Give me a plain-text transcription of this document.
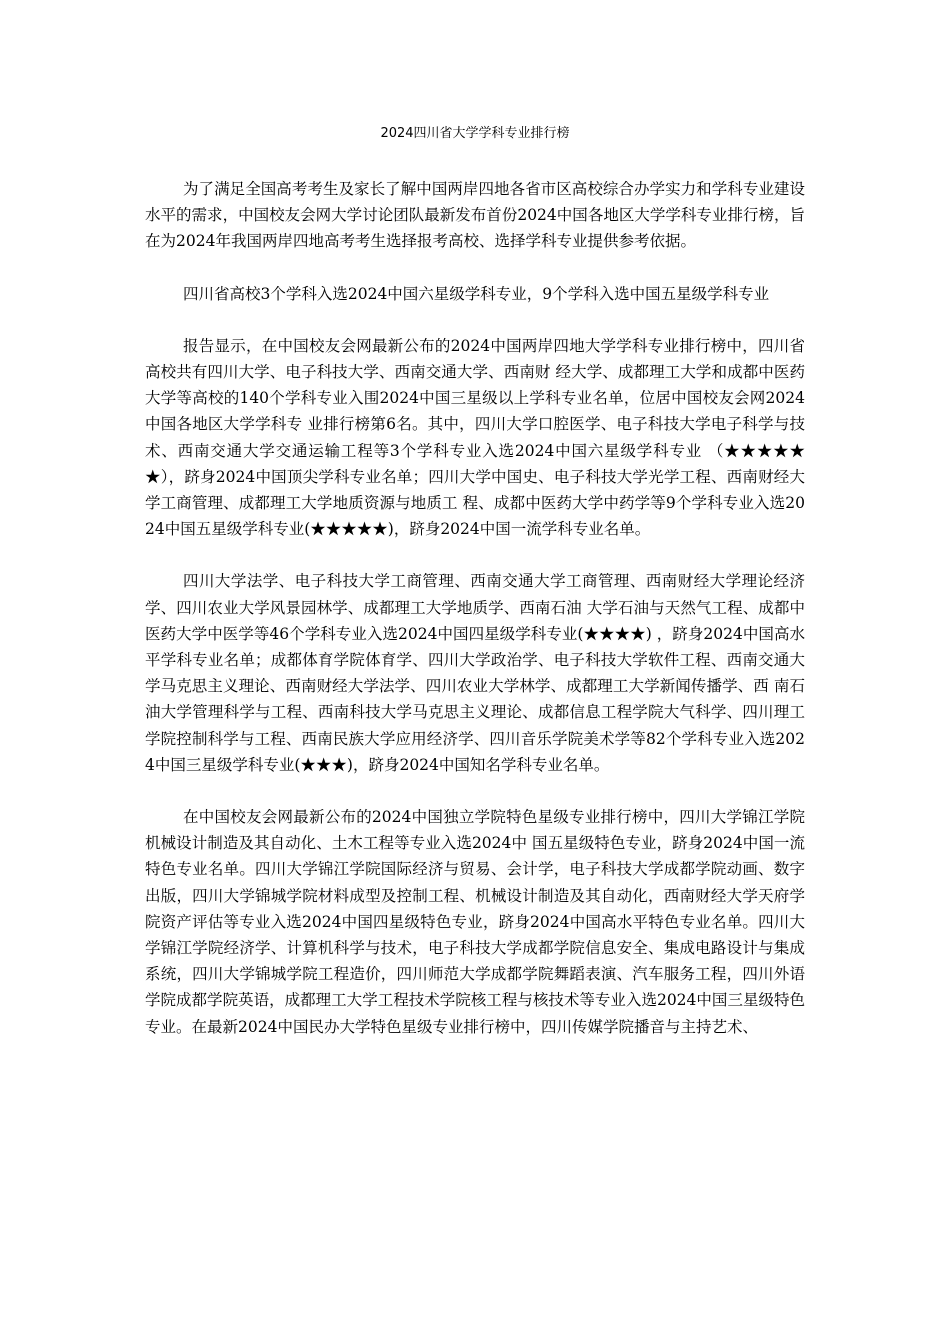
2024四川省大学学科专业排行榜

为了满足全国高考考生及家长了解中国两岸四地各省市区高校综合办学实力和学科专业建设水平的需求，中国校友会网大学讨论团队最新发布首份2024中国各地区大学学科专业排行榜，旨在为2024年我国两岸四地高考考生选择报考高校、选择学科专业提供参考依据。

四川省高校3个学科入选2024中国六星级学科专业，9个学科入选中国五星级学科专业

报告显示，在中国校友会网最新公布的2024中国两岸四地大学学科专业排行榜中，四川省高校共有四川大学、电子科技大学、西南交通大学、西南财 经大学、成都理工大学和成都中医药大学等高校的140个学科专业入围2024中国三星级以上学科专业名单，位居中国校友会网2024中国各地区大学学科专 业排行榜第6名。其中，四川大学口腔医学、电子科技大学电子科学与技术、西南交通大学交通运输工程等3个学科专业入选2024中国六星级学科专业 （★★★★★★），跻身2024中国顶尖学科专业名单；四川大学中国史、电子科技大学光学工程、西南财经大学工商管理、成都理工大学地质资源与地质工 程、成都中医药大学中药学等9个学科专业入选2024中国五星级学科专业(★★★★★)，跻身2024中国一流学科专业名单。

四川大学法学、电子科技大学工商管理、西南交通大学工商管理、西南财经大学理论经济学、四川农业大学风景园林学、成都理工大学地质学、西南石油 大学石油与天然气工程、成都中医药大学中医学等46个学科专业入选2024中国四星级学科专业(★★★★) ，跻身2024中国高水平学科专业名单；成都体育学院体育学、四川大学政治学、电子科技大学软件工程、西南交通大学马克思主义理论、西南财经大学法学、四川农业大学林学、成都理工大学新闻传播学、西 南石油大学管理科学与工程、西南科技大学马克思主义理论、成都信息工程学院大气科学、四川理工学院控制科学与工程、西南民族大学应用经济学、四川音乐学院美术学等82个学科专业入选2024中国三星级学科专业(★★★)，跻身2024中国知名学科专业名单。

在中国校友会网最新公布的2024中国独立学院特色星级专业排行榜中，四川大学锦江学院机械设计制造及其自动化、土木工程等专业入选2024中 国五星级特色专业，跻身2024中国一流特色专业名单。四川大学锦江学院国际经济与贸易、会计学，电子科技大学成都学院动画、数字出版，四川大学锦城学院材料成型及控制工程、机械设计制造及其自动化，西南财经大学天府学院资产评估等专业入选2024中国四星级特色专业，跻身2024中国高水平特色专业名单。四川大学锦江学院经济学、计算机科学与技术，电子科技大学成都学院信息安全、集成电路设计与集成系统，四川大学锦城学院工程造价，四川师范大学成都学院舞蹈表演、汽车服务工程，四川外语学院成都学院英语，成都理工大学工程技术学院核工程与核技术等专业入选2024中国三星级特色专业。在最新2024中国民办大学特色星级专业排行榜中，四川传媒学院播音与主持艺术、
